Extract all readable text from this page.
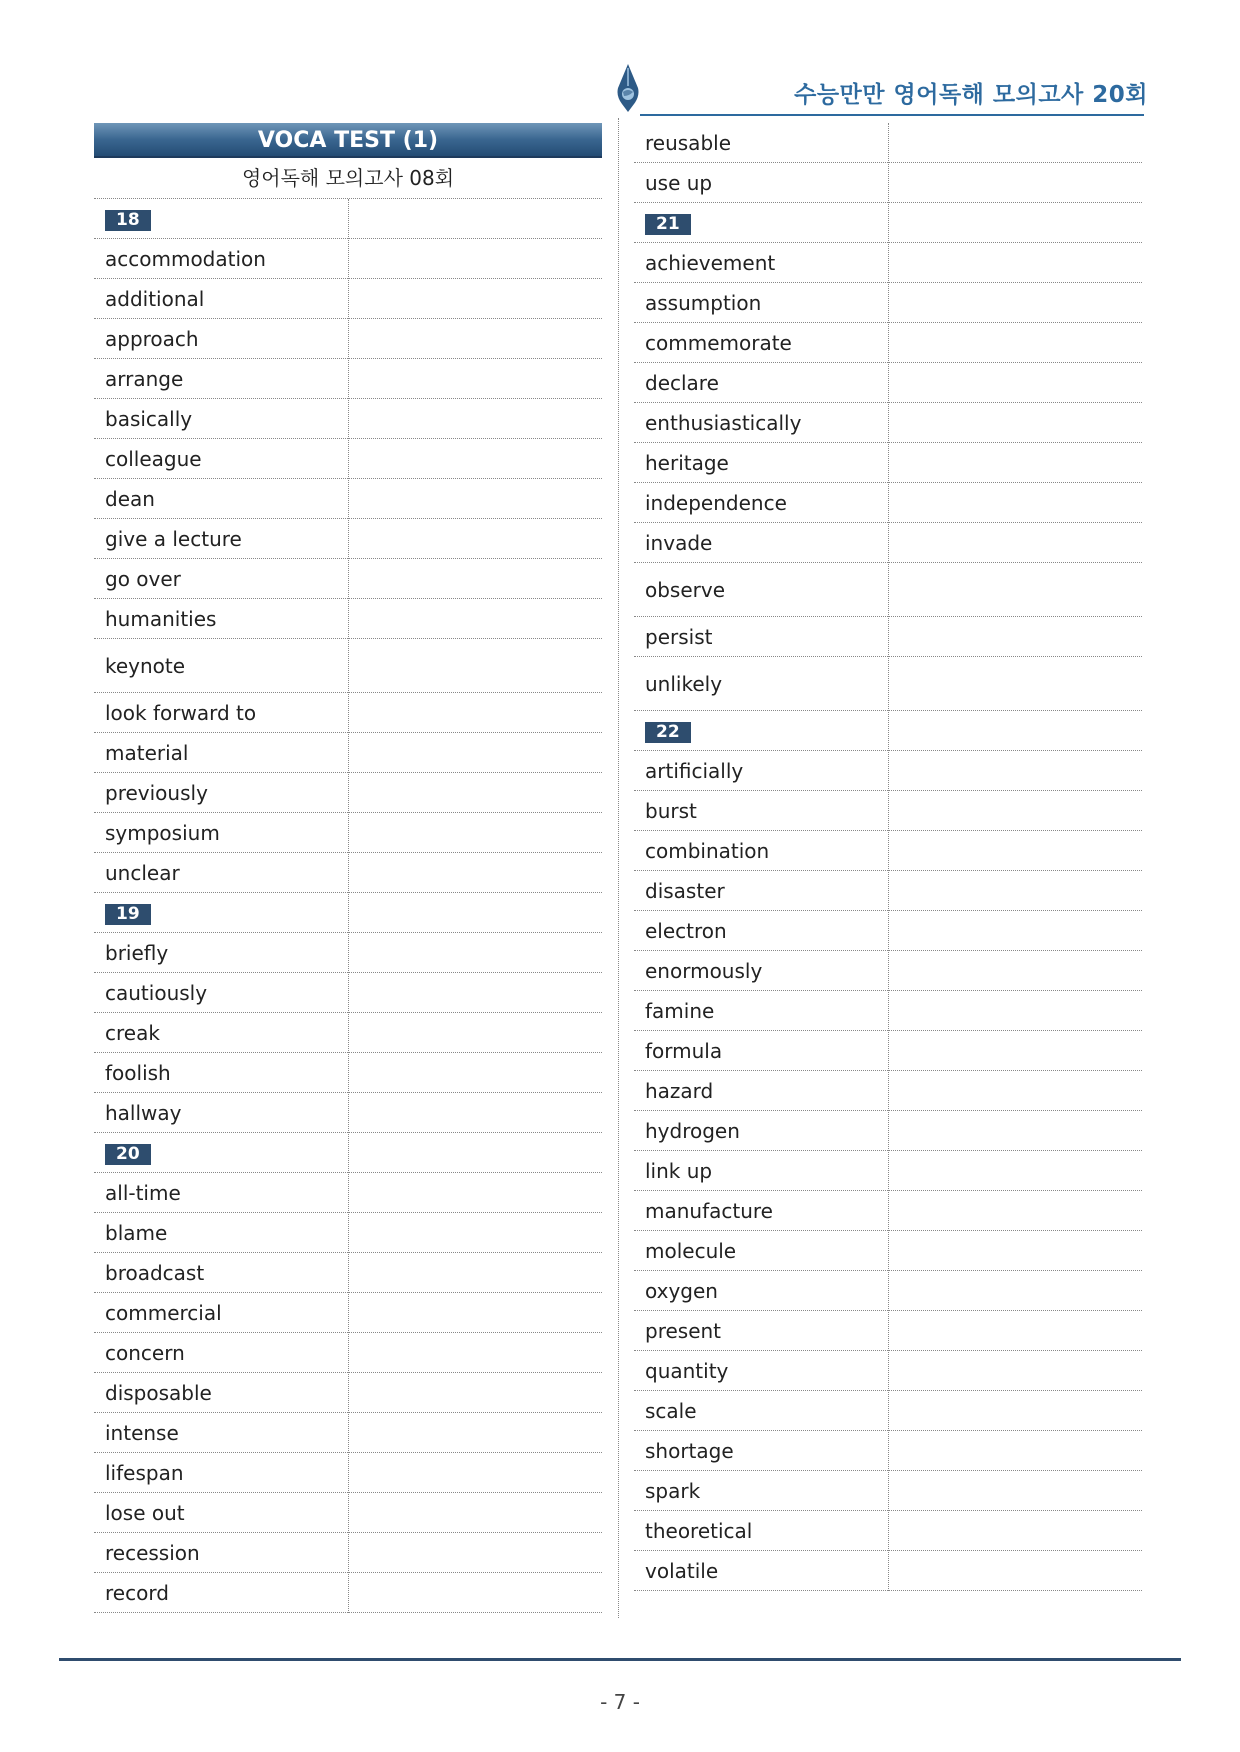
수능만만 영어독해 모의고사 20회
VOCA TEST (1)
영어독해 모의고사 08회
18
accommodation
additional
approach
arrange
basically
colleague
dean
give a lecture
go over
humanities
keynote
look forward to
material
previously
symposium
unclear
19
briefly
cautiously
creak
foolish
hallway
20
all-time
blame
broadcast
commercial
concern
disposable
intense
lifespan
lose out
recession
record
reusable
use up
21
achievement
assumption
commemorate
declare
enthusiastically
heritage
independence
invade
observe
persist
unlikely
22
artificially
burst
combination
disaster
electron
enormously
famine
formula
hazard
hydrogen
link up
manufacture
molecule
oxygen
present
quantity
scale
shortage
spark
theoretical
volatile
- 7 -
